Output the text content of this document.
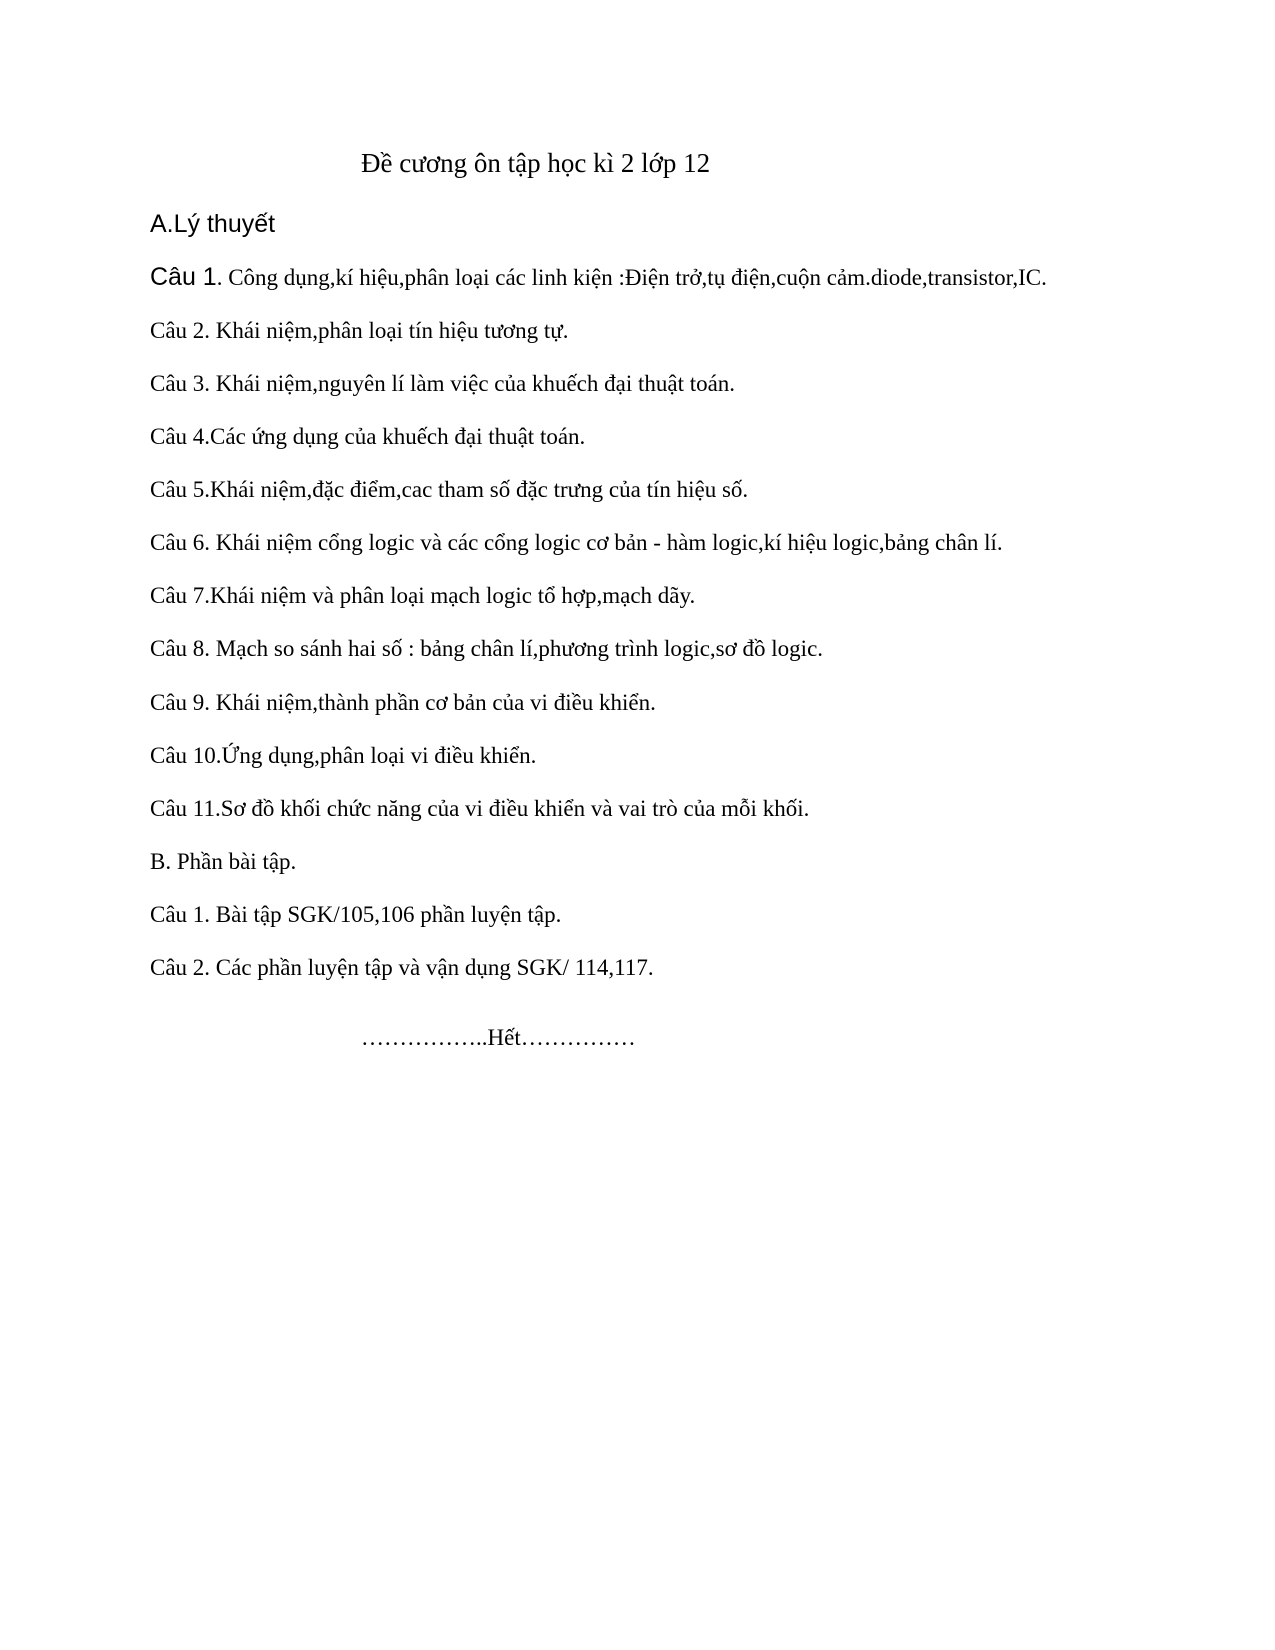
Đề cương ôn tập học kì 2 lớp 12
A.Lý thuyết
Câu 1. Công dụng,kí hiệu,phân loại các linh kiện :Điện trở,tụ điện,cuộn cảm.diode,transistor,IC.
Câu 2. Khái niệm,phân loại tín hiệu tương tự.
Câu 3. Khái niệm,nguyên lí làm việc của khuếch đại thuật toán.
Câu 4.Các ứng dụng của khuếch đại thuật toán.
Câu 5.Khái niệm,đặc điểm,cac tham số đặc trưng của tín hiệu số.
Câu 6. Khái niệm cổng logic và các cổng logic cơ bản - hàm logic,kí hiệu logic,bảng chân lí.
Câu 7.Khái niệm và phân loại mạch logic tổ hợp,mạch dãy.
Câu 8. Mạch so sánh hai số : bảng chân lí,phương trình logic,sơ đồ logic.
Câu 9. Khái niệm,thành phần cơ bản của vi điều khiển.
Câu 10.Ứng dụng,phân loại vi điều khiển.
Câu 11.Sơ đồ khối chức năng của vi điều khiển và vai trò của mỗi khối.
B. Phần bài tập.
Câu 1. Bài tập SGK/105,106 phần luyện tập.
Câu 2. Các phần luyện tập và vận dụng SGK/ 114,117.
……………..Hết……………
